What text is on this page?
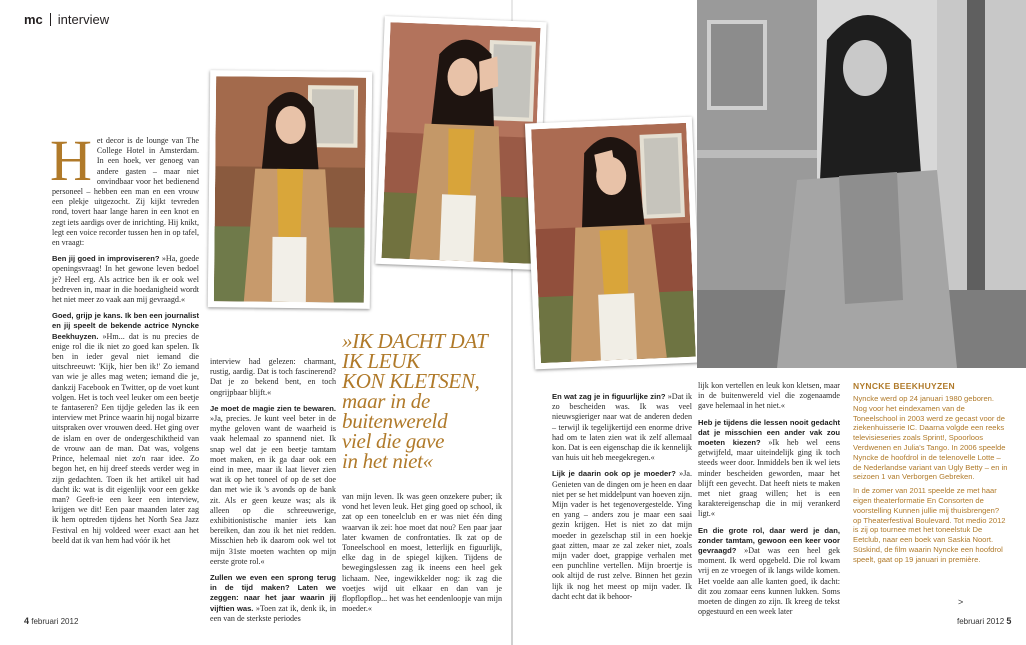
mc interview

Het decor is de lounge van The College Hotel in Amsterdam. In een hoek, ver genoeg van andere gasten – maar niet onvindbaar voor het bedienend personeel – hebben een man en een vrouw een plekje uitgezocht. Zij kijkt tevreden rond, tovert haar lange haren in een knot en zegt iets aardigs over de inrichting. Hij knikt, legt een voice recorder tussen hen in op tafel, en vraagt:

Ben jij goed in improviseren? »Ha, goede openingsvraag! In het gewone leven bedoel je? Heel erg. Als actrice ben ik er ook wel bedreven in, maar in die hoedanigheid wordt het niet meer zo vaak aan mij gevraagd.«

Goed, grijp je kans. Ik ben een journalist en jij speelt de bekende actrice Nyncke Beekhuyzen. »Hm... dat is nu precies de enige rol die ik niet zo goed kan spelen. Ik ben in ieder geval niet iemand die uitschreeuwt: 'Kijk, hier ben ik!' Zo iemand van wie je alles mag weten; iemand die je, dankzij Facebook en Twitter, op de voet kunt volgen. Het is toch veel leuker om een beetje te fantaseren? Een tijdje geleden las ik een interview met Prince waarin hij nogal bizarre uitspraken over vrouwen deed. Het ging over de islam en over de ondergeschiktheid van de vrouw aan de man. Dat was, volgens Prince, helemaal niet zo'n raar idee. Zo begon het, en hij dreef steeds verder weg in zijn gedachten. Toen ik het artikel uit had dacht ik: wat is dit eigenlijk voor een gekke man? Geeft-ie een keer een interview, krijgen we dit! Een paar maanden later zag ik hem optreden tijdens het North Sea Jazz Festival en hij voldeed weer exact aan het beeld dat ik van hem had vóór ik het

interview had gelezen: charmant, rustig, aardig. Dat is toch fascinerend? Dat je zo bekend bent, en toch ongrijpbaar blijft.«

Je moet de magie zien te bewaren. »Ja, precies. Je kunt veel beter in de mythe geloven want de waarheid is vaak helemaal zo spannend niet. Ik snap wel dat je een beetje tamtam moet maken, en ik ga daar ook een eind in mee, maar ik laat liever zien wat ik op het toneel of op de set doe dan met wie ik 's avonds op de bank zit. Als er geen keuze was; als ik alleen op die schreeuwerige, exhibitionistische manier iets kan bereiken, dan zou ik het niet redden. Misschien heb ik daarom ook wel tot mijn 31ste moeten wachten op mijn eerste grote rol.«

Zullen we even een sprong terug in de tijd maken? Laten we zeggen: naar het jaar waarin jij vijftien was. »Toen zat ik, denk ik, in een van de sterkste periodes

»IK DACHT DAT
IK LEUK
KON KLETSEN,
maar in de
buitenwereld
viel die gave
in het niet«

van mijn leven. Ik was geen onzekere puber; ik vond het leven leuk. Het ging goed op school, ik zat op een toneelclub en er was niet één ding waarvan ik zei: hoe moet dat nou? Een paar jaar later kwamen de confrontaties. Ik zat op de Toneelschool en moest, letterlijk en figuurlijk, elke dag in de spiegel kijken. Tijdens de bewegingslessen zag ik ineens een heel gek lichaam. Nee, ingewikkelder nog: ik zag die voetjes wijd uit elkaar en dan van je flopflopflop... het was het eendenloopje van mijn moeder.«

En wat zag je in figuurlijke zin? »Dat ik zo bescheiden was. Ik was veel nieuwsgieriger naar wat de anderen deden – terwijl ik tegelijkertijd een enorme drive had om te laten zien wat ik zelf allemaal kon. Dat is een eigenschap die ik kennelijk van huis uit heb meegekregen.«

Lijk je daarin ook op je moeder? »Ja. Genieten van de dingen om je heen en daar niet per se het middelpunt van hoeven zijn. Mijn vader is het tegenovergestelde. Ying en yang – anders zou je maar een saai gezin krijgen. Het is niet zo dat mijn moeder in gezelschap stil in een hoekje gaat zitten, maar ze zal zeker niet, zoals mijn vader doet, grappige verhalen met een punchline vertellen. Mijn broertje is ook altijd de rust zelve. Binnen het gezin lijk ik nog het meest op mijn vader. Ik dacht echt dat ik behoor-

lijk kon vertellen en leuk kon kletsen, maar in de buitenwereld viel die zogenaamde gave helemaal in het niet.«

Heb je tijdens die lessen nooit gedacht dat je misschien een ander vak zou moeten kiezen? »Ik heb wel eens getwijfeld, maar uiteindelijk ging ik toch steeds weer door. Inmiddels ben ik wel iets minder bescheiden geworden, maar het blijft een gevecht. Dat heeft niets te maken met niet graag willen; het is een karaktereigenschap die in mij verankerd ligt.«

En die grote rol, daar werd je dan, zonder tamtam, gewoon een keer voor gevraagd? »Dat was een heel gek moment. Ik werd opgebeld. Die rol kwam vrij en ze vroegen of ik langs wilde komen. Het voelde aan alle kanten goed, ik dacht: dit zou zomaar eens kunnen lukken. Soms moeten de dingen zo zijn. Ik kreeg de tekst opgestuurd en een week later

NYNCKE BEEKHUYZEN

Nyncke werd op 24 januari 1980 geboren. Nog voor het eindexamen van de Toneelschool in 2003 werd ze gecast voor de ziekenhuisserie IC. Daarna volgde een reeks televisieseries zoals Sprint!, Spoorloos Verdwenen en Julia's Tango. In 2006 speelde Nyncke de hoofdrol in de telenovelle Lotte – de Nederlandse variant van Ugly Betty – en in seizoen 1 van Verborgen Gebreken.

In de zomer van 2011 speelde ze met haar eigen theaterformatie En Consorten de voorstelling Kunnen jullie mij thuisbrengen? op Theaterfestival Boulevard. Tot medio 2012 is zij op tournee met het toneelstuk De Eetclub, naar een boek van Saskia Noort. Süskind, de film waarin Nyncke een hoofdrol speelt, gaat op 19 januari in première.

>
4 februari 2012	februari 2012 5
